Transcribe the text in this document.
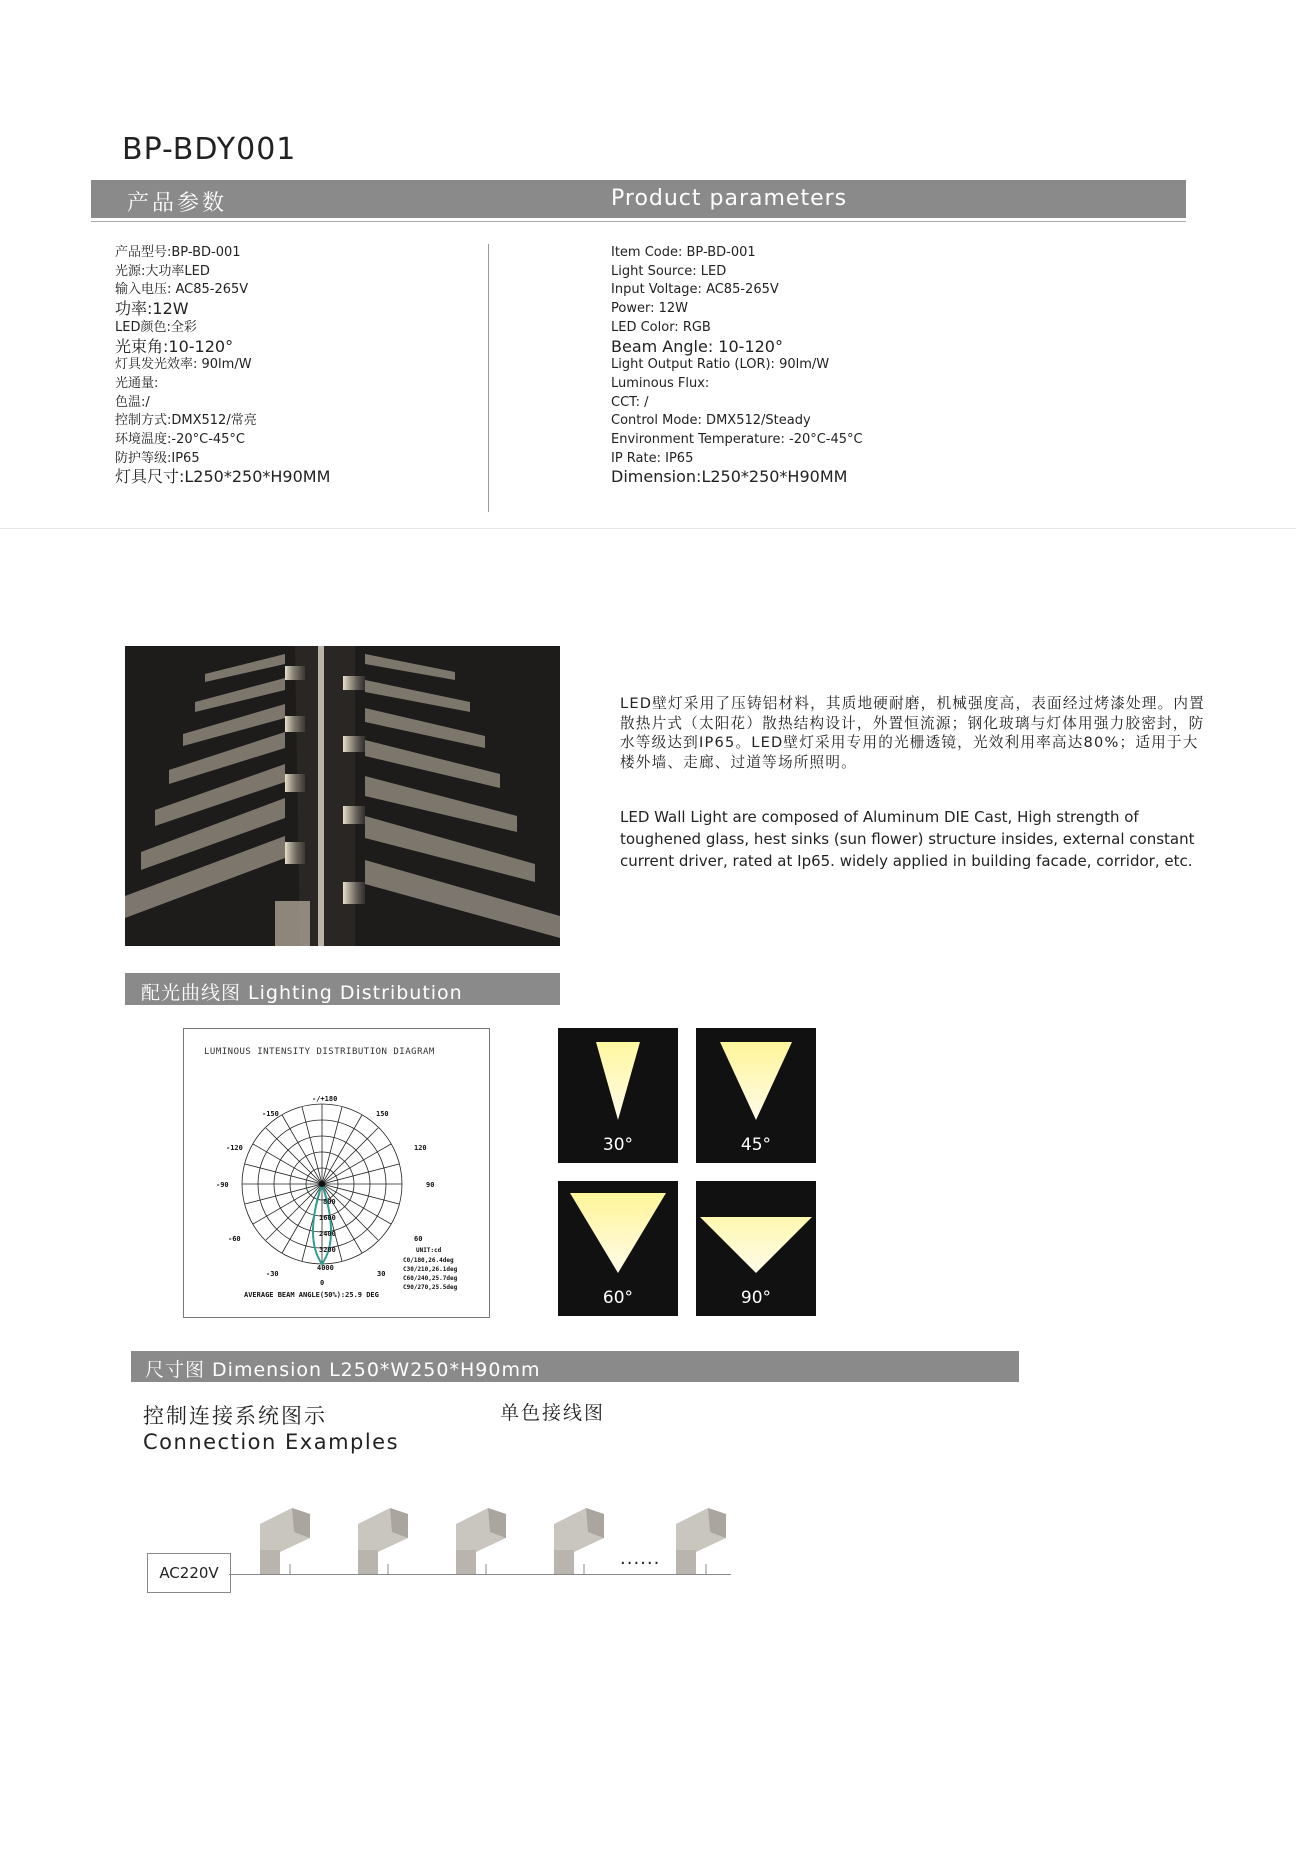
BP-BDY001
产品参数	Product parameters
产品型号:BP-BD-001
光源:大功率LED
输入电压: AC85-265V
功率:12W
LED颜色:全彩
光束角:10-120°
灯具发光效率: 90lm/W
光通量:
色温:/
控制方式:DMX512/常亮
环境温度:-20°C-45°C
防护等级:IP65
灯具尺寸:L250*250*H90MM
Item Code: BP-BD-001
Light Source: LED
Input Voltage: AC85-265V
Power: 12W
LED Color: RGB
Beam Angle: 10-120°
Light Output Ratio (LOR): 90lm/W
Luminous Flux:
CCT: /
Control Mode: DMX512/Steady
Environment Temperature: -20°C-45°C
IP Rate: IP65
Dimension:L250*250*H90MM
LED壁灯采用了压铸铝材料，其质地硬耐磨，机械强度高，表面经过烤漆处理。内置散热片式（太阳花）散热结构设计，外置恒流源；钢化玻璃与灯体用强力胶密封，防水等级达到IP65。LED壁灯采用专用的光栅透镜，光效利用率高达80%；适用于大楼外墙、走廊、过道等场所照明。
LED Wall Light are composed of Aluminum DIE Cast, High strength of toughened glass, hest sinks (sun flower) structure insides, external constant current driver, rated at Ip65. widely applied in building facade, corridor, etc.
配光曲线图 Lighting Distribution
LUMINOUS INTENSITY DISTRIBUTION DIAGRAM
-/+180
-150	150
-120	120
-90	90
-60	60
-30	30
0
800
1600
2400
3200
4000
UNIT:cd
C0/180,26.4deg
C30/210,26.1deg
C60/240,25.7deg
C90/270,25.5deg
AVERAGE BEAM ANGLE(50%):25.9 DEG
30°	45°
60°	90°
尺寸图 Dimension L250*W250*H90mm
控制连接系统图示
Connection Examples
单色接线图
AC220V
......
